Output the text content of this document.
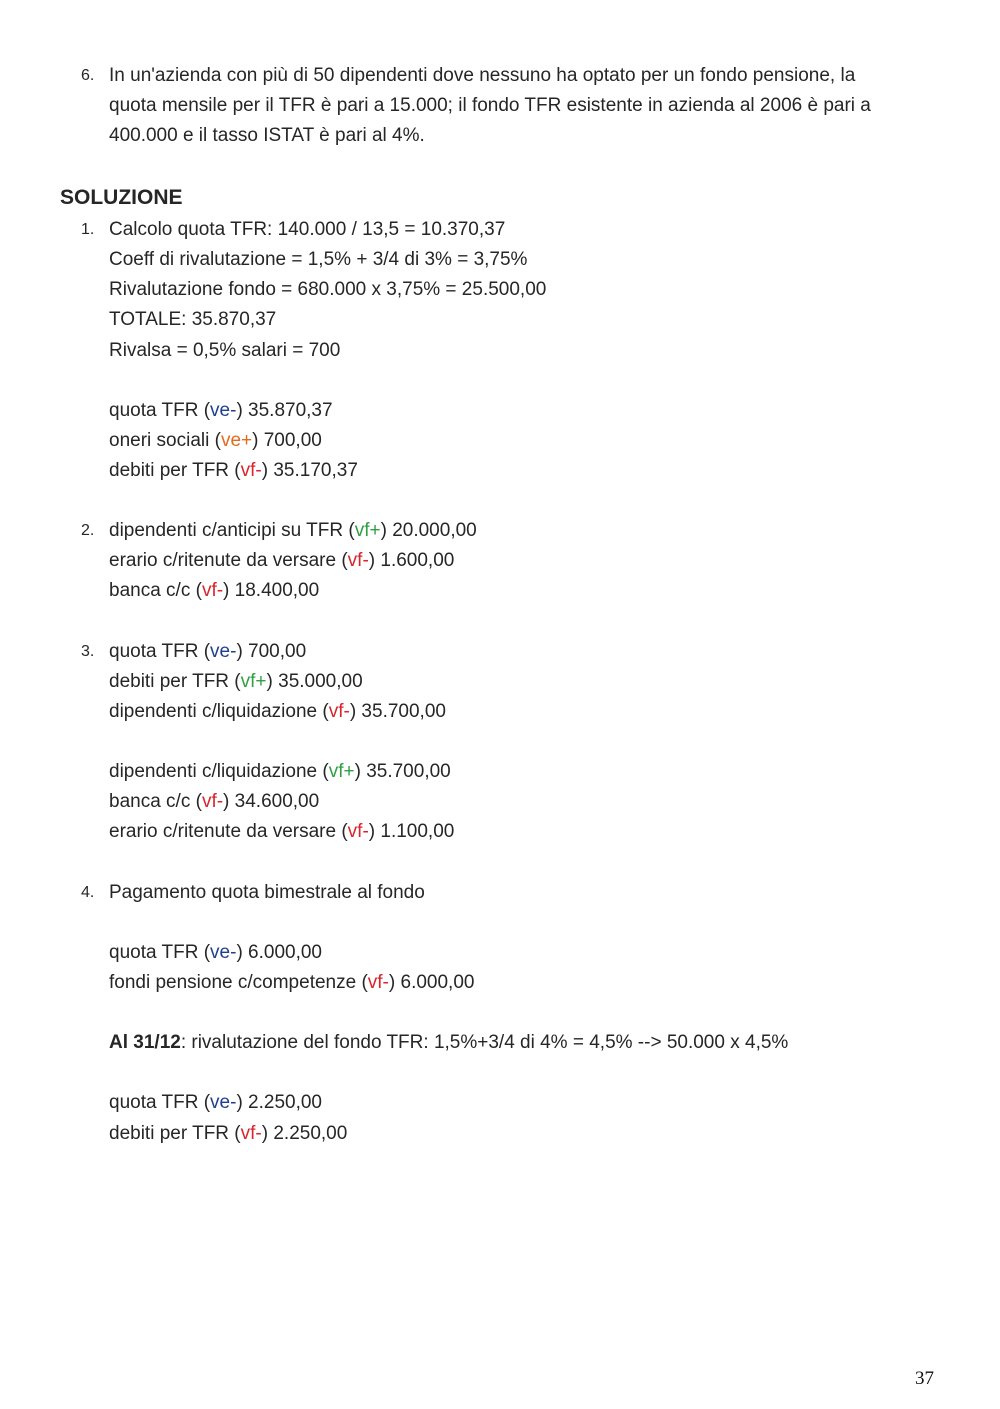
6. In un'azienda con più di 50 dipendenti dove nessuno ha optato per un fondo pensione, la
quota mensile per il TFR è pari a 15.000; il fondo TFR esistente in azienda al 2006 è pari a
400.000 e il tasso ISTAT è pari al 4%.
SOLUZIONE
1. Calcolo quota TFR: 140.000 / 13,5 = 10.370,37
Coeff di rivalutazione = 1,5% + 3/4 di 3% = 3,75%
Rivalutazione fondo = 680.000 x 3,75% = 25.500,00
TOTALE: 35.870,37
Rivalsa = 0,5% salari = 700
quota TFR (ve-) 35.870,37
oneri sociali (ve+) 700,00
debiti per TFR (vf-) 35.170,37
2. dipendenti c/anticipi su TFR (vf+) 20.000,00
erario c/ritenute da versare (vf-) 1.600,00
banca c/c (vf-) 18.400,00
3. quota TFR (ve-) 700,00
debiti per TFR (vf+) 35.000,00
dipendenti c/liquidazione (vf-) 35.700,00
dipendenti c/liquidazione (vf+) 35.700,00
banca c/c (vf-) 34.600,00
erario c/ritenute da versare (vf-) 1.100,00
4. Pagamento quota bimestrale al fondo
quota TFR (ve-) 6.000,00
fondi pensione c/competenze (vf-) 6.000,00
Al 31/12: rivalutazione del fondo TFR: 1,5%+3/4 di 4% = 4,5% --> 50.000 x 4,5%
quota TFR (ve-) 2.250,00
debiti per TFR (vf-) 2.250,00
37
